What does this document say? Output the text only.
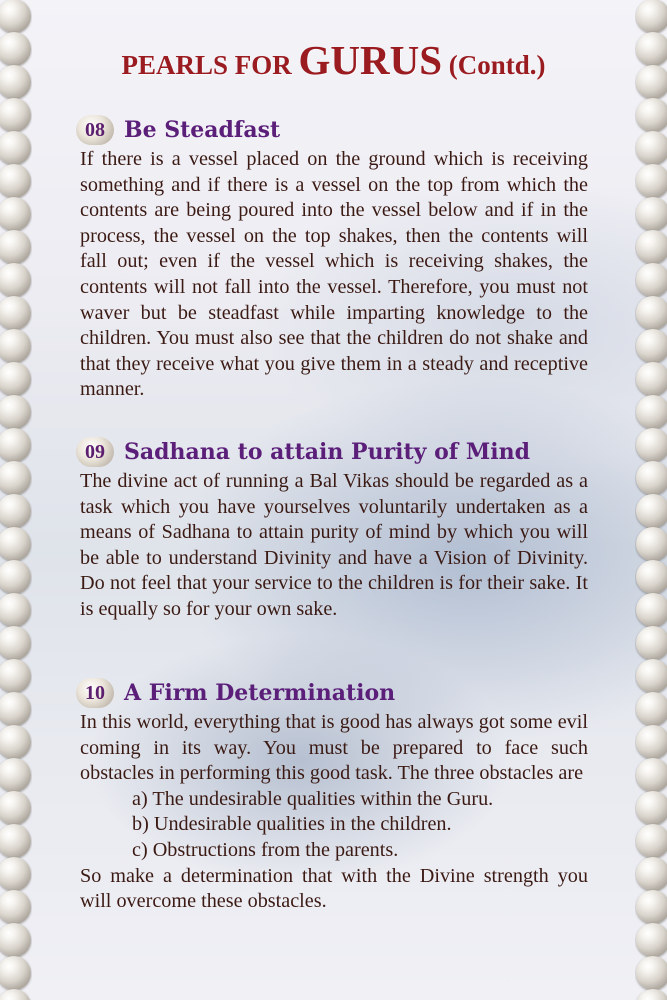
PEARLS FOR GURUS (Contd.)
08 Be Steadfast

If there is a vessel placed on the ground which is receiving something and if there is a vessel on the top from which the contents are being poured into the vessel below and if in the process, the vessel on the top shakes, then the contents will fall out; even if the vessel which is receiving shakes, the contents will not fall into the vessel. Therefore, you must not waver but be steadfast while imparting knowledge to the children. You must also see that the children do not shake and that they receive what you give them in a steady and receptive manner.

09 Sadhana to attain Purity of Mind

The divine act of running a Bal Vikas should be regarded as a task which you have yourselves voluntarily undertaken as a means of Sadhana to attain purity of mind by which you will be able to understand Divinity and have a Vision of Divinity. Do not feel that your service to the children is for their sake. It is equally so for your own sake.

10 A Firm Determination

In this world, everything that is good has always got some evil coming in its way. You must be prepared to face such obstacles in performing this good task. The three obstacles are

a) The undesirable qualities within the Guru.
b) Undesirable qualities in the children.
c) Obstructions from the parents.

So make a determination that with the Divine strength you will overcome these obstacles.
